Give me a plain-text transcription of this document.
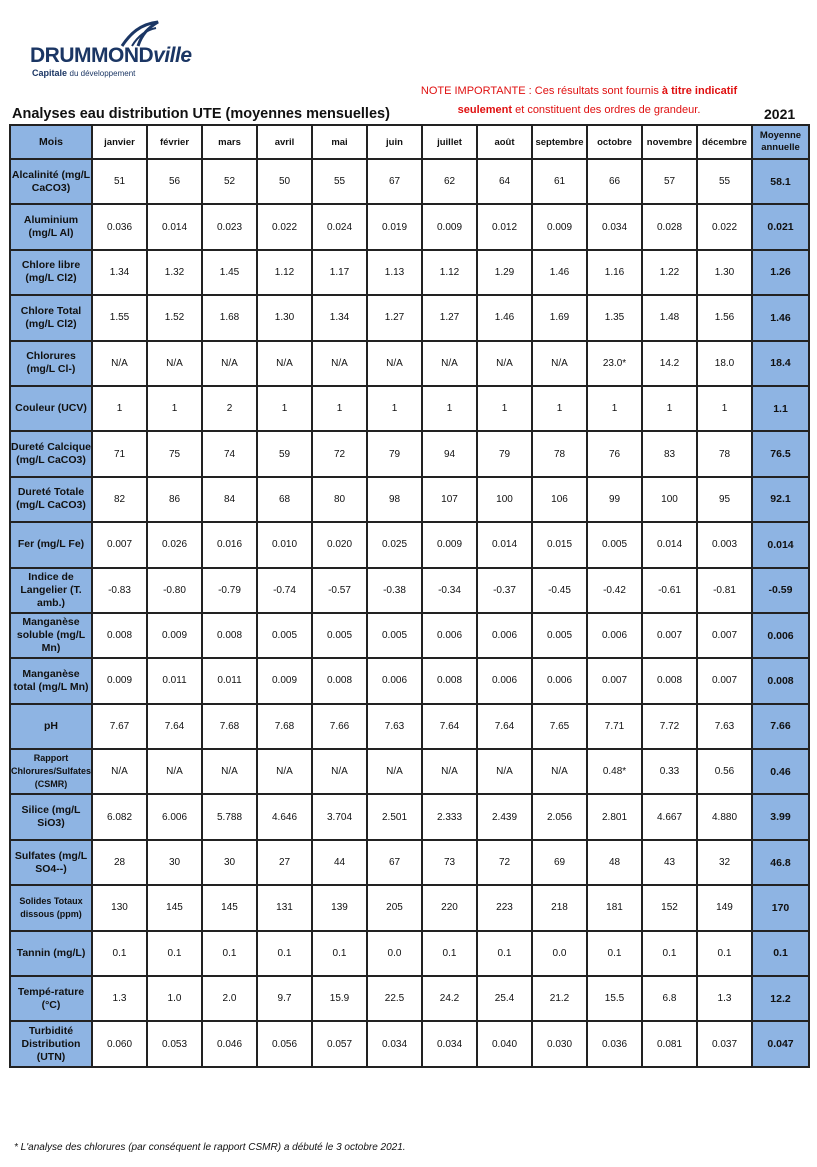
DRUMMONDville
Capitale du développement
NOTE IMPORTANTE : Ces résultats sont fournis à titre indicatif seulement et constituent des ordres de grandeur.
Analyses eau distribution UTE (moyennes mensuelles)	2021
Mois	janvier	février	mars	avril	mai	juin	juillet	août	septembre	octobre	novembre	décembre	Moyenne annuelle
Alcalinité (mg/L CaCO3)	51	56	52	50	55	67	62	64	61	66	57	55	58.1
Aluminium (mg/L Al)	0.036	0.014	0.023	0.022	0.024	0.019	0.009	0.012	0.009	0.034	0.028	0.022	0.021
Chlore libre (mg/L Cl2)	1.34	1.32	1.45	1.12	1.17	1.13	1.12	1.29	1.46	1.16	1.22	1.30	1.26
Chlore Total (mg/L Cl2)	1.55	1.52	1.68	1.30	1.34	1.27	1.27	1.46	1.69	1.35	1.48	1.56	1.46
Chlorures (mg/L Cl-)	N/A	N/A	N/A	N/A	N/A	N/A	N/A	N/A	N/A	23.0*	14.2	18.0	18.4
Couleur (UCV)	1	1	2	1	1	1	1	1	1	1	1	1	1.1
Dureté Calcique (mg/L CaCO3)	71	75	74	59	72	79	94	79	78	76	83	78	76.5
Dureté Totale (mg/L CaCO3)	82	86	84	68	80	98	107	100	106	99	100	95	92.1
Fer (mg/L Fe)	0.007	0.026	0.016	0.010	0.020	0.025	0.009	0.014	0.015	0.005	0.014	0.003	0.014
Indice de Langelier (T. amb.)	-0.83	-0.80	-0.79	-0.74	-0.57	-0.38	-0.34	-0.37	-0.45	-0.42	-0.61	-0.81	-0.59
Manganèse soluble (mg/L Mn)	0.008	0.009	0.008	0.005	0.005	0.005	0.006	0.006	0.005	0.006	0.007	0.007	0.006
Manganèse total (mg/L Mn)	0.009	0.011	0.011	0.009	0.008	0.006	0.008	0.006	0.006	0.007	0.008	0.007	0.008
pH	7.67	7.64	7.68	7.68	7.66	7.63	7.64	7.64	7.65	7.71	7.72	7.63	7.66
Rapport Chlorures/Sulfates (CSMR)	N/A	N/A	N/A	N/A	N/A	N/A	N/A	N/A	N/A	0.48*	0.33	0.56	0.46
Silice (mg/L SiO3)	6.082	6.006	5.788	4.646	3.704	2.501	2.333	2.439	2.056	2.801	4.667	4.880	3.99
Sulfates (mg/L SO4--)	28	30	30	27	44	67	73	72	69	48	43	32	46.8
Solides Totaux dissous (ppm)	130	145	145	131	139	205	220	223	218	181	152	149	170
Tannin (mg/L)	0.1	0.1	0.1	0.1	0.1	0.0	0.1	0.1	0.0	0.1	0.1	0.1	0.1
Tempé-rature (°C)	1.3	1.0	2.0	9.7	15.9	22.5	24.2	25.4	21.2	15.5	6.8	1.3	12.2
Turbidité Distribution (UTN)	0.060	0.053	0.046	0.056	0.057	0.034	0.034	0.040	0.030	0.036	0.081	0.037	0.047
* L'analyse des chlorures (par conséquent le rapport CSMR) a débuté le 3 octobre 2021.
